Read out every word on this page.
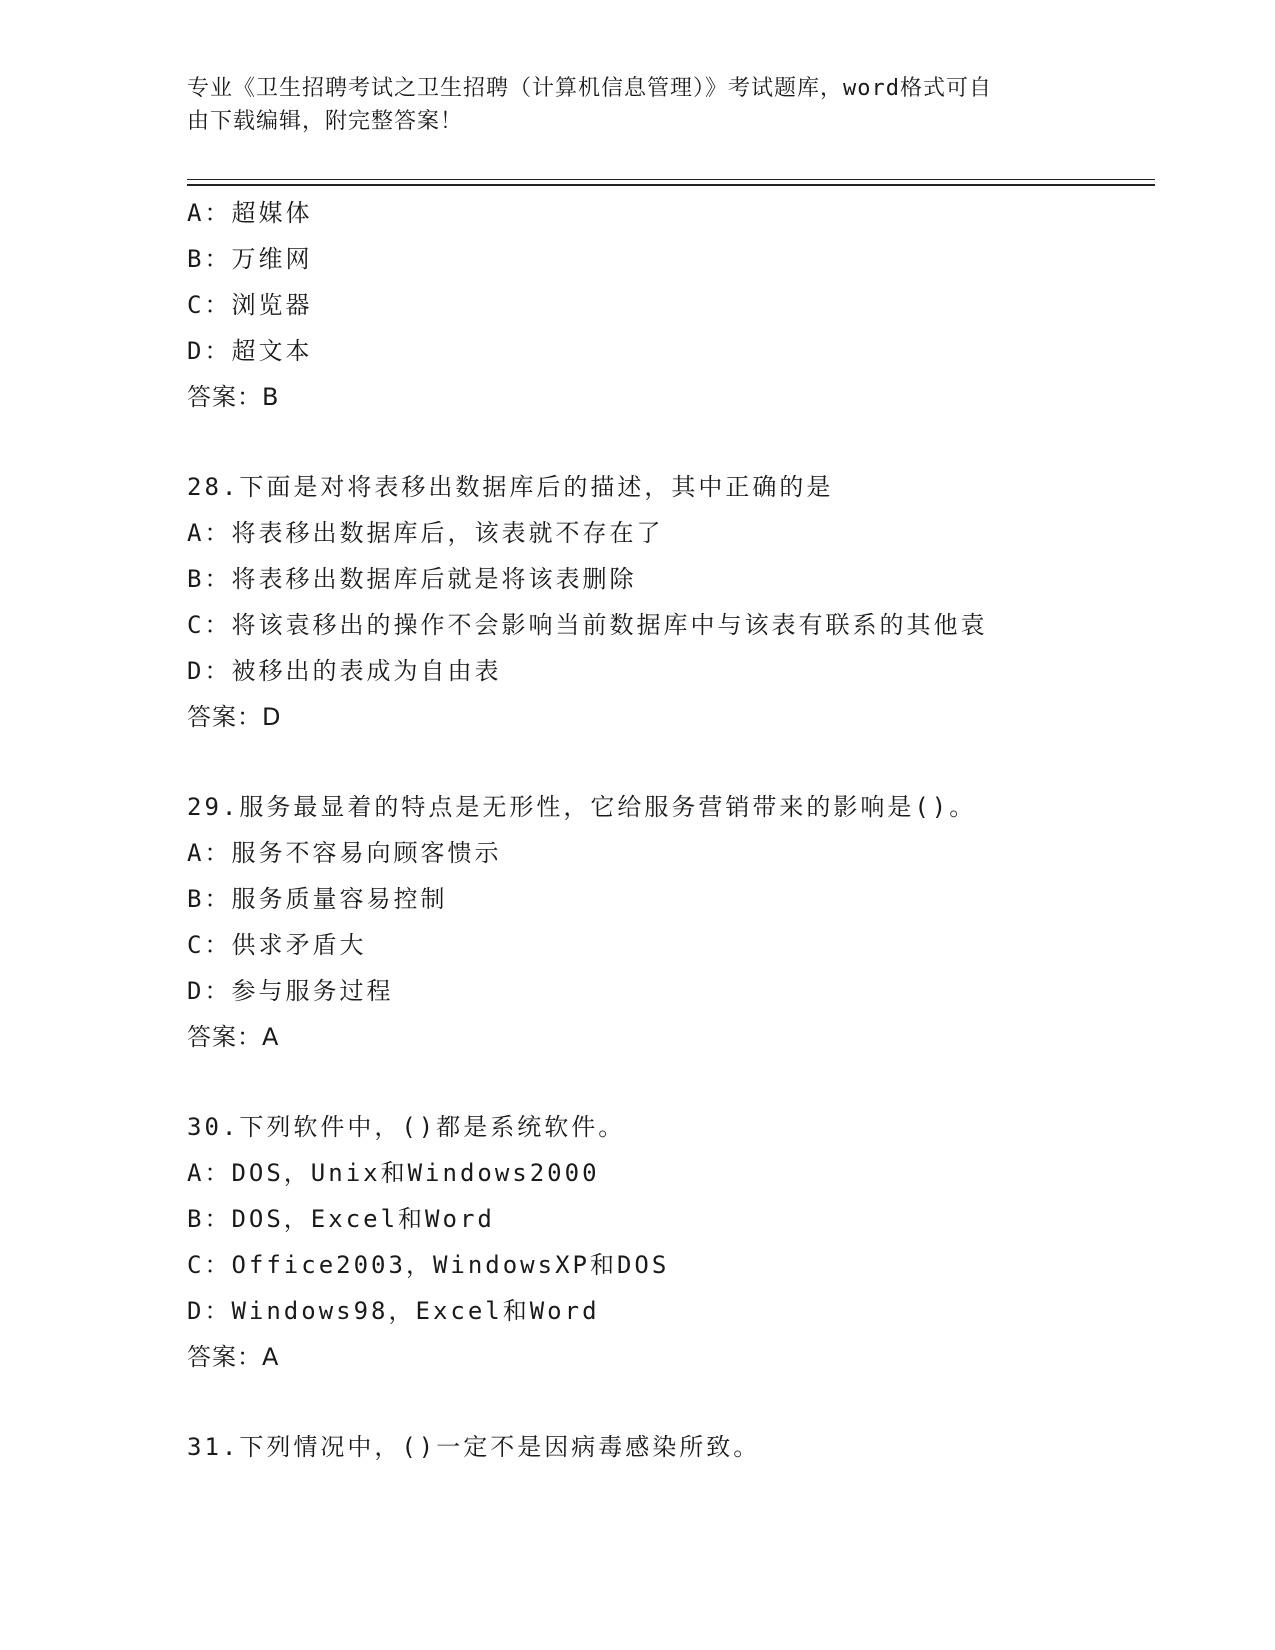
专业《卫生招聘考试之卫生招聘（计算机信息管理）》考试题库，word格式可自
由下载编辑，附完整答案！
A：超媒体
B：万维网
C：浏览器
D：超文本
答案：B
28.下面是对将表移出数据库后的描述，其中正确的是
A：将表移出数据库后，该表就不存在了
B：将表移出数据库后就是将该表删除
C：将该袁移出的操作不会影响当前数据库中与该表有联系的其他袁
D：被移出的表成为自由表
答案：D
29.服务最显着的特点是无形性，它给服务营销带来的影响是()。
A：服务不容易向顾客愦示
B：服务质量容易控制
C：供求矛盾大
D：参与服务过程
答案：A
30.下列软件中，()都是系统软件。
A：DOS，Unix和Windows2000
B：DOS，Excel和Word
C：Office2003，WindowsXP和DOS
D：Windows98，Excel和Word
答案：A
31.下列情况中，()一定不是因病毒感染所致。
